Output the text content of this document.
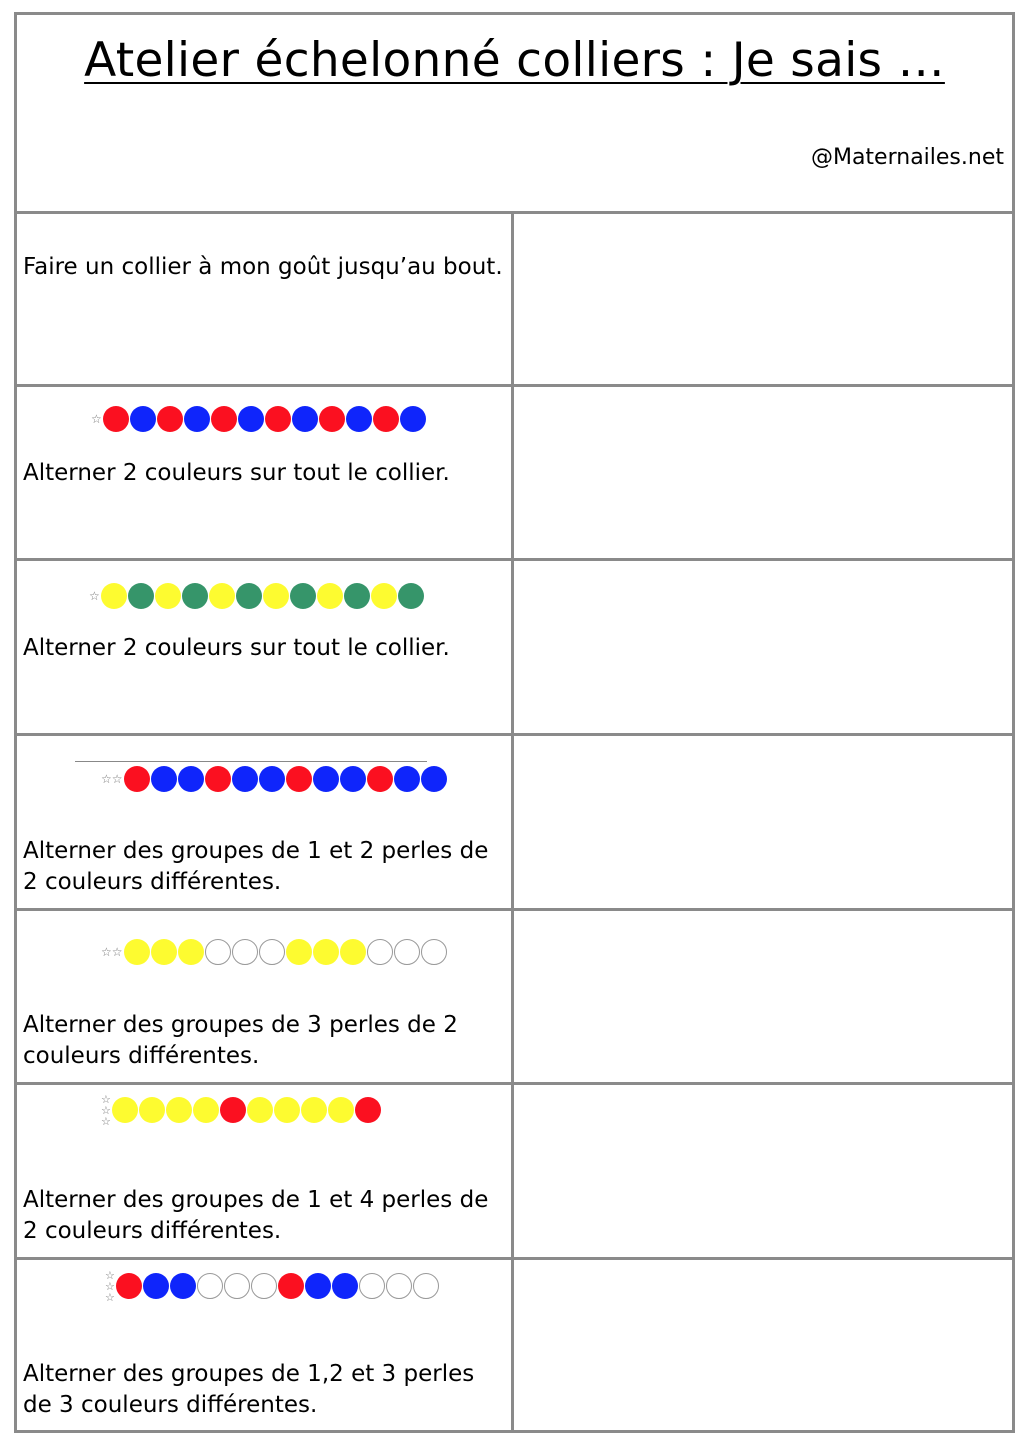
Atelier échelonné colliers : Je sais …
@Maternailes.net
Faire un collier à mon goût jusqu’au bout.
☆
Alterner 2 couleurs sur tout le collier.
☆
Alterner 2 couleurs sur tout le collier.
☆ ☆
Alterner des groupes de 1 et 2 perles de 2 couleurs différentes.
☆ ☆
Alterner des groupes de 3 perles de 2 couleurs différentes.
☆
☆
☆
Alterner des groupes de 1 et 4 perles de 2 couleurs différentes.
☆
☆
☆
Alterner des groupes de 1,2 et 3 perles de 3 couleurs différentes.
